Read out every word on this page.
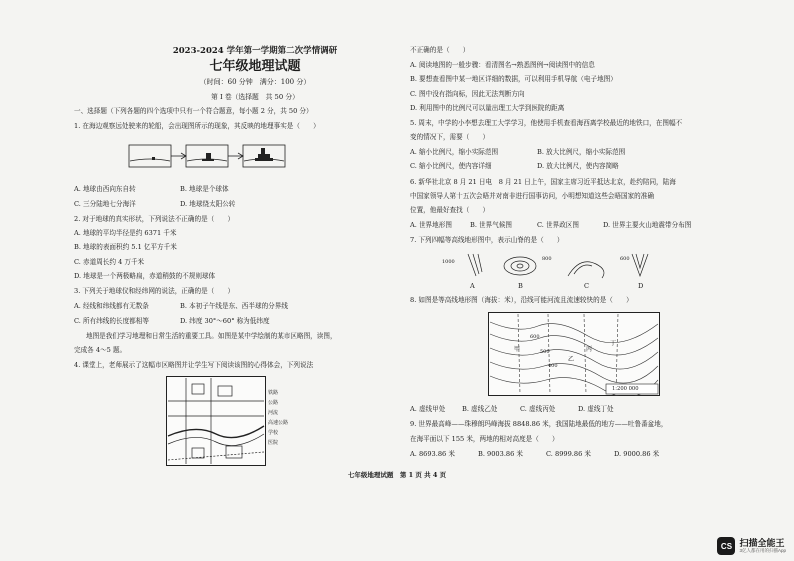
2023-2024 学年第一学期第二次学情调研
七年级地理试题
（时间：60 分钟　满分：100 分）
第 I 卷（选择题　共 50 分）
一、选择题（下列各题的四个选项中只有一个符合题意，每小题 2 分，共 50 分）
1. 在海边观察远处驶来的轮船，会出现图所示的现象，其反映的地理事实是（　　）
A. 地球由西向东自转	B. 地球是个球体
C. 三分陆地七分海洋	D. 地球绕太阳公转
2. 对于地球的真实形状，下列说法不正确的是（　　）
A. 地球的平均半径是约 6371 千米
B. 地球的表面积约 5.1 亿平方千米
C. 赤道周长约 4 万千米
D. 地球是一个两极略扁，赤道稍鼓的不规则球体
3. 下列关于地球仪和经纬网的说法，正确的是（　　）
A. 经线和纬线都有无数条	B. 本初子午线是东、西半球的分界线
C. 所有纬线的长度都相等	D. 纬度 30°～60° 称为低纬度
地图是我们学习地理和日常生活的重要工具。如图是某中学绘制的某市区略图，读图，
完成各 4～5 题。
4. 课堂上，老师展示了这幅市区略图并让学生写下阅读该图的心得体会，下列说法
铁路
公路
河流
高速公路
学校
医院
不正确的是（　　）
A. 阅读地图的一般步骤：看清图名→熟悉图例→阅读图中的信息
B. 要想查看图中某一地区详细的数据，可以利用手机导航（电子地图）
C. 图中没有指向标，因此无法判断方向
D. 利用图中的比例尺可以量出理工大学到医院的距离
5. 周末，中学的小李想去理工大学学习，他使用手机查看海西离学校最近的地铁口，在图幅不
变的情况下，需要（　　）
A. 缩小比例尺，缩小实际范围	B. 放大比例尺，缩小实际范围
C. 缩小比例尺，使内容详细	D. 放大比例尺，使内容简略
6. 新华社北京 8 月 21 日电　8 月 21 日上午，国家主席习近平抵达北京，赴约陪同，陆海
中国家领导人第十五次会晤并对南非进行国事访问，小明想知道这些会晤国家的准确
位置，他最好查找（　　）
A. 世界地形图	B. 世界气候图	C. 世界政区图	D. 世界主要火山地震带分布图
7. 下列四幅等高线地形图中，表示山脊的是（　　）
1000	800	600
A	B	C	D
8. 如图是等高线地形图（海拔：米），沿线可能河流且流速较快的是（　　）
600
500
400
甲
乙
丙
丁
1:200 000
A. 虚线甲处	B. 虚线乙处	C. 虚线丙处	D. 虚线丁处
9. 世界最高峰——珠穆朗玛峰海拔 8848.86 米，我国陆地最低的地方——吐鲁番盆地，
在海平面以下 155 米，两地的相对高度是（　　）
A. 8693.86 米	B. 9003.86 米	C. 8999.86 米	D. 9000.86 米
七年级地理试题　第 1 页 共 4 页
CS 扫描全能王
3亿人都在用的扫描App
